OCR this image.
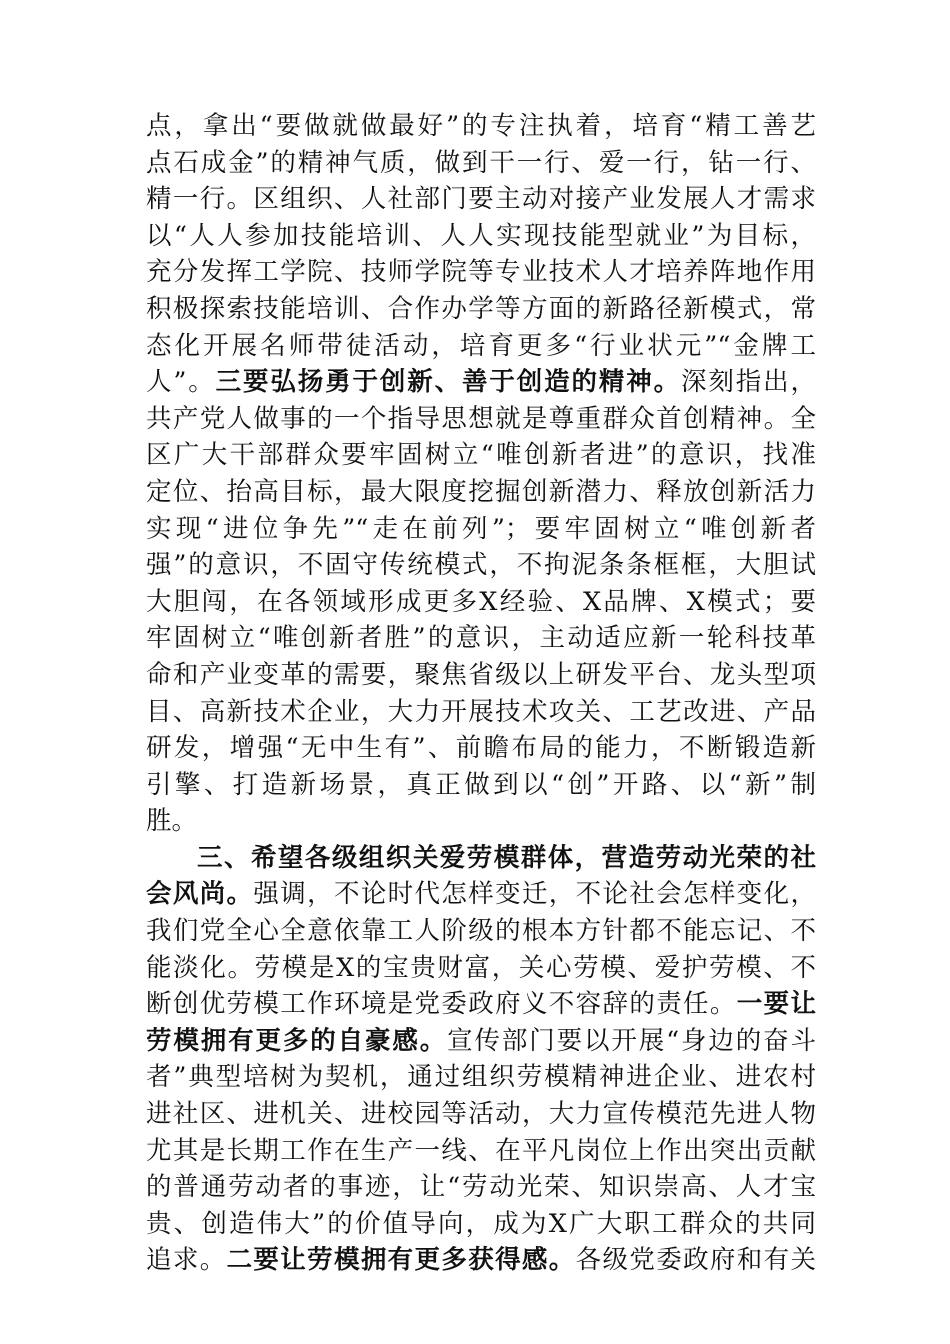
点，拿出“要做就做最好”的专注执着，培育“精工善艺
点石成金”的精神气质，做到干一行、爱一行，钻一行、
精一行。区组织、人社部门要主动对接产业发展人才需求
以“人人参加技能培训、人人实现技能型就业”为目标，
充分发挥工学院、技师学院等专业技术人才培养阵地作用
积极探索技能培训、合作办学等方面的新路径新模式，常
态化开展名师带徒活动，培育更多“行业状元”“金牌工
人”。三要弘扬勇于创新、善于创造的精神。深刻指出，
共产党人做事的一个指导思想就是尊重群众首创精神。全
区广大干部群众要牢固树立“唯创新者进”的意识，找准
定位、抬高目标，最大限度挖掘创新潜力、释放创新活力
实现“进位争先”“走在前列”；要牢固树立“唯创新者
强”的意识，不固守传统模式，不拘泥条条框框，大胆试
大胆闯，在各领域形成更多X经验、X品牌、X模式；要
牢固树立“唯创新者胜”的意识，主动适应新一轮科技革
命和产业变革的需要，聚焦省级以上研发平台、龙头型项
目、高新技术企业，大力开展技术攻关、工艺改进、产品
研发，增强“无中生有”、前瞻布局的能力，不断锻造新
引擎、打造新场景，真正做到以“创”开路、以“新”制
胜。
三、希望各级组织关爱劳模群体，营造劳动光荣的社
会风尚。强调，不论时代怎样变迁，不论社会怎样变化，
我们党全心全意依靠工人阶级的根本方针都不能忘记、不
能淡化。劳模是X的宝贵财富，关心劳模、爱护劳模、不
断创优劳模工作环境是党委政府义不容辞的责任。一要让
劳模拥有更多的自豪感。宣传部门要以开展“身边的奋斗
者”典型培树为契机，通过组织劳模精神进企业、进农村
进社区、进机关、进校园等活动，大力宣传模范先进人物
尤其是长期工作在生产一线、在平凡岗位上作出突出贡献
的普通劳动者的事迹，让“劳动光荣、知识崇高、人才宝
贵、创造伟大”的价值导向，成为X广大职工群众的共同
追求。二要让劳模拥有更多获得感。各级党委政府和有关
